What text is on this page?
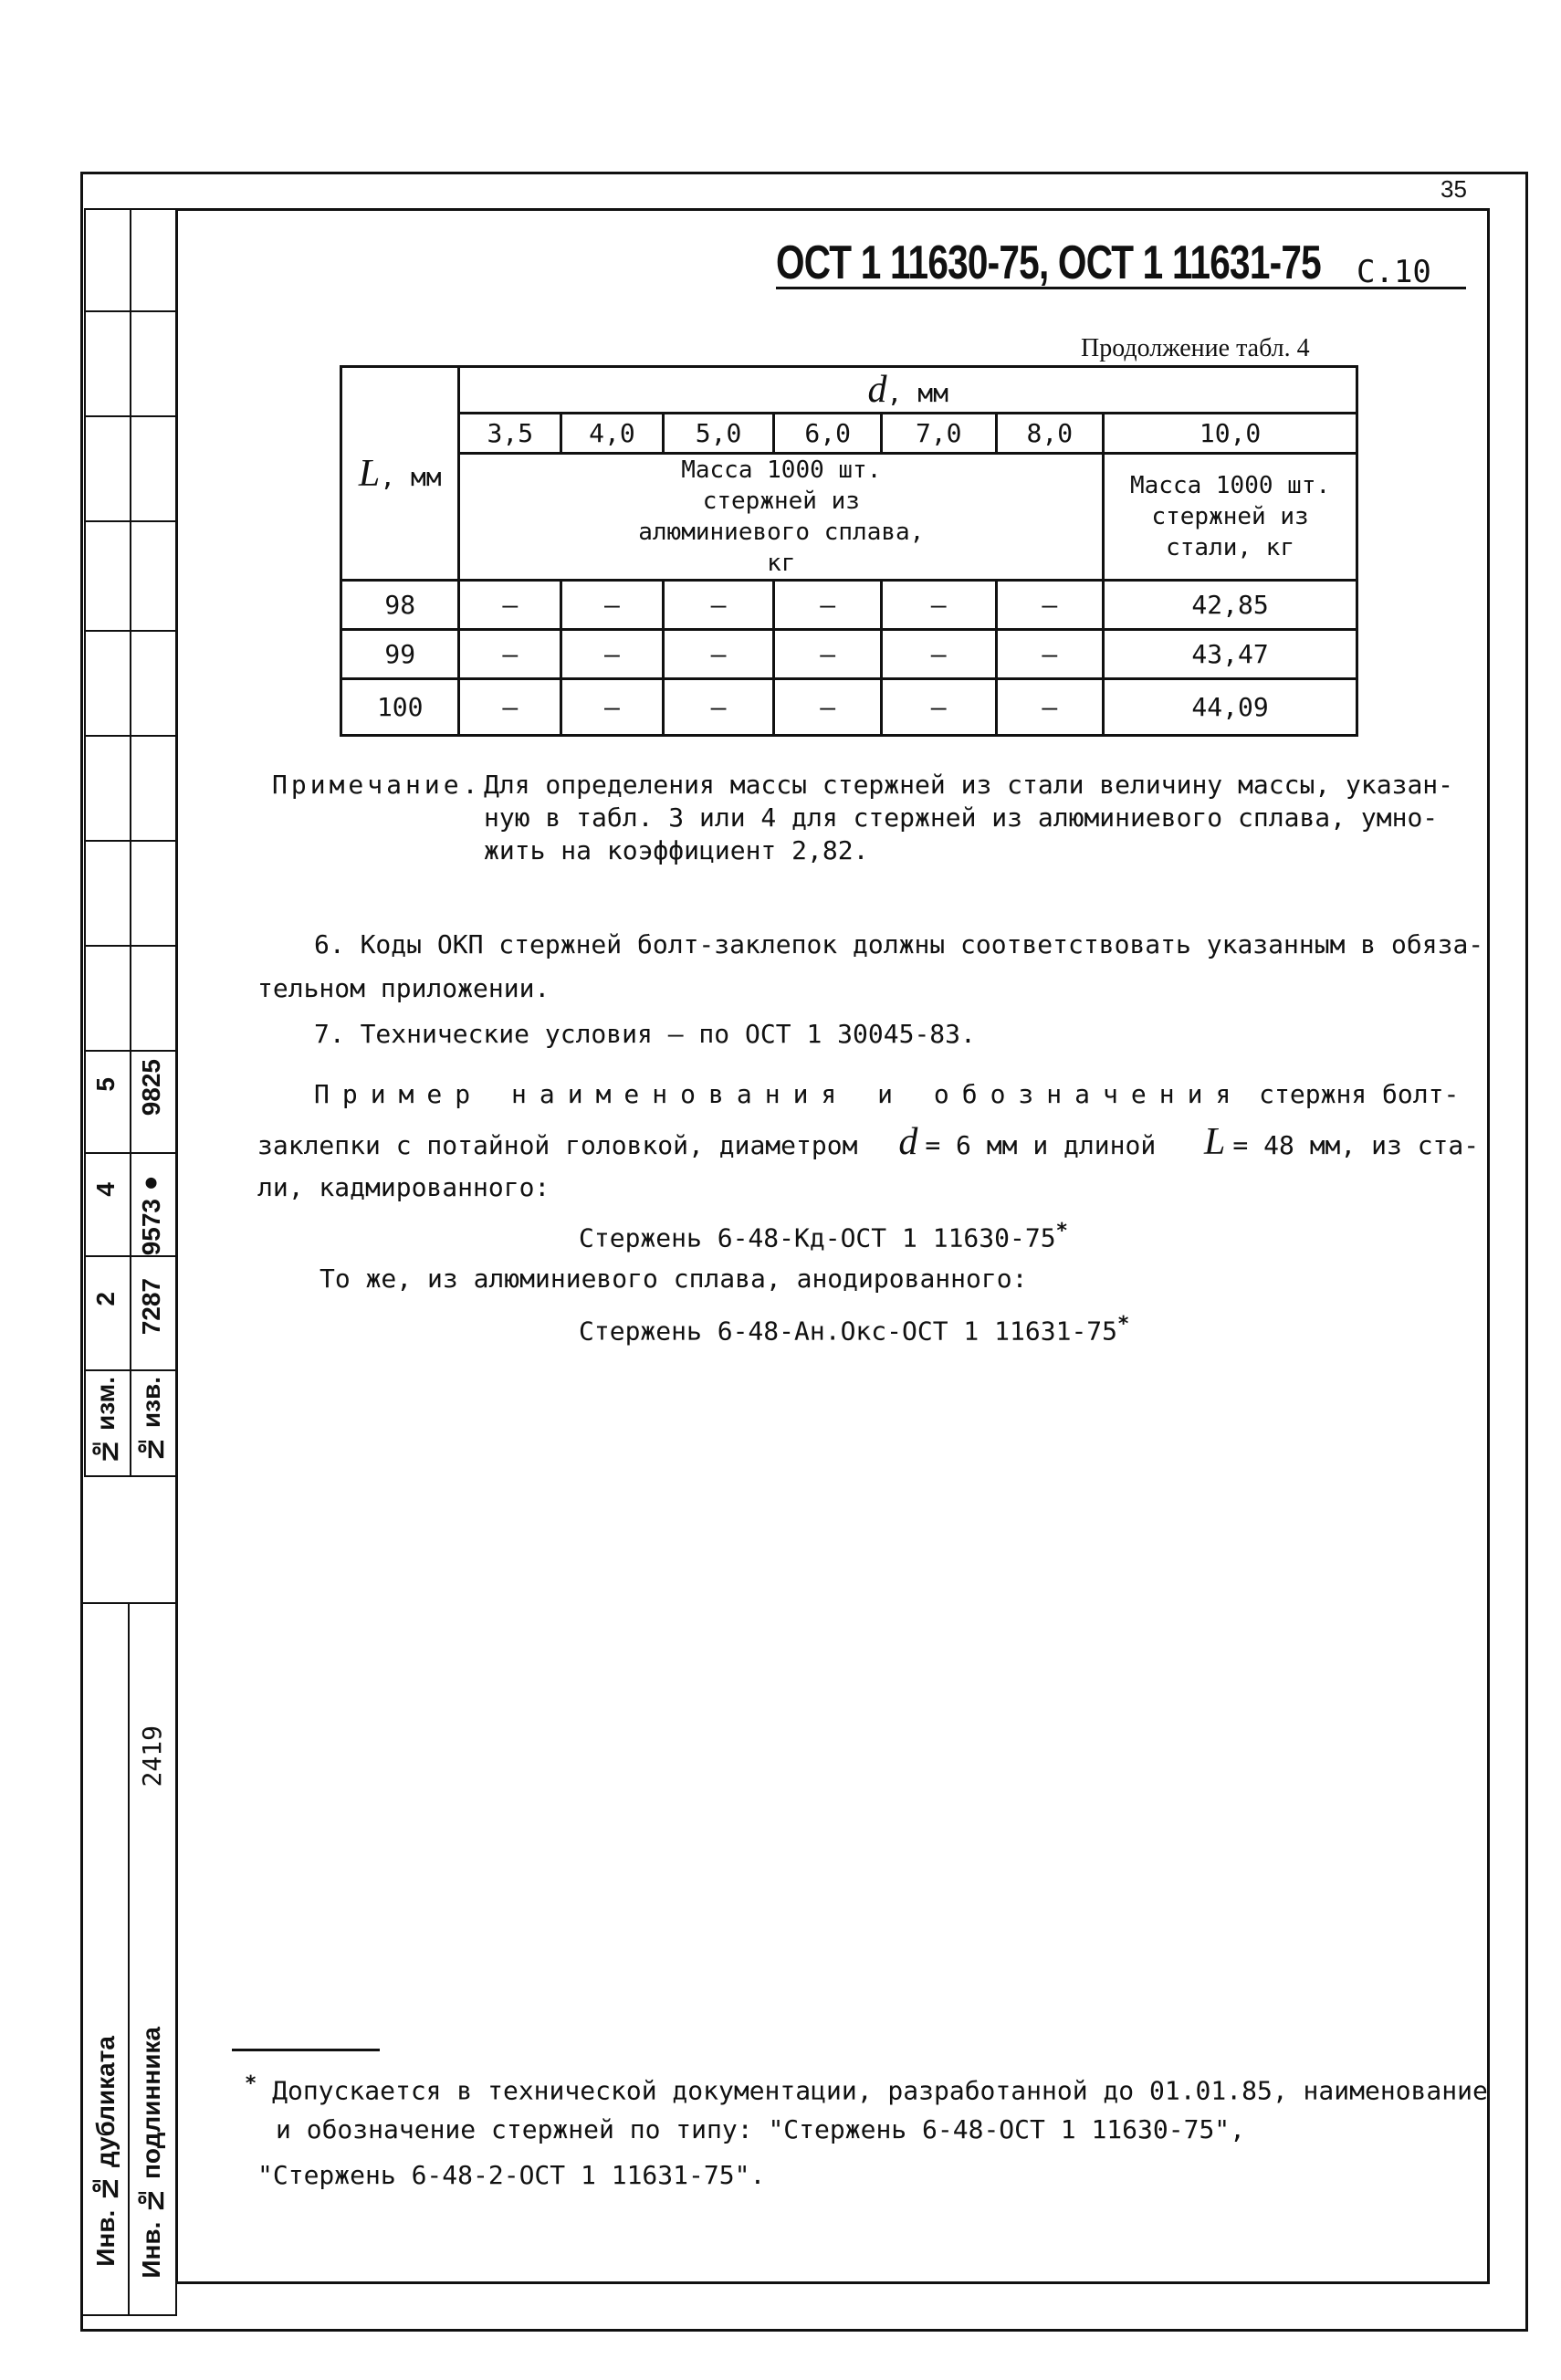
5 9825
4 9573●
2 7287
№ изм. № изв.
Инв. № дубликата Инв. № подлинника
2419
35
ОСТ 1 11630-75, ОСТ 1 11631-75 С.10
Продолжение табл. 4
L, мм	d, мм						
	3,5	4,0	5,0	6,0	7,0	8,0	10,0

	Масса 1000 шт. стержней из алюминиевого сплава, кг						Масса 1000 шт. стержней из стали, кг

98	–	–	–	–	–	–	42,85
99	–	–	–	–	–	–	43,47
100	–	–	–	–	–	–	44,09
Примечание. Для определения массы стержней из стали величину массы, указан-
ную в табл. 3 или 4 для стержней из алюминиевого сплава, умно-
жить на коэффициент 2,82.
6. Коды ОКП стержней болт-заклепок должны соответствовать указанным в обяза-
тельном приложении.
7. Технические условия – по ОСТ 1 30045-83.
Пример наименования и обозначения стержня болт-
заклепки с потайной головкой, диаметром d = 6 мм и длиной L = 48 мм, из ста-
ли, кадмированного:
Стержень 6-48-Кд-ОСТ 1 11630-75*
То же, из алюминиевого сплава, анодированного:
Стержень 6-48-Ан.Окс-ОСТ 1 11631-75*
* Допускается в технической документации, разработанной до 01.01.85, наименование
и обозначение стержней по типу: "Стержень 6-48-ОСТ 1 11630-75",
"Стержень 6-48-2-ОСТ 1 11631-75".
